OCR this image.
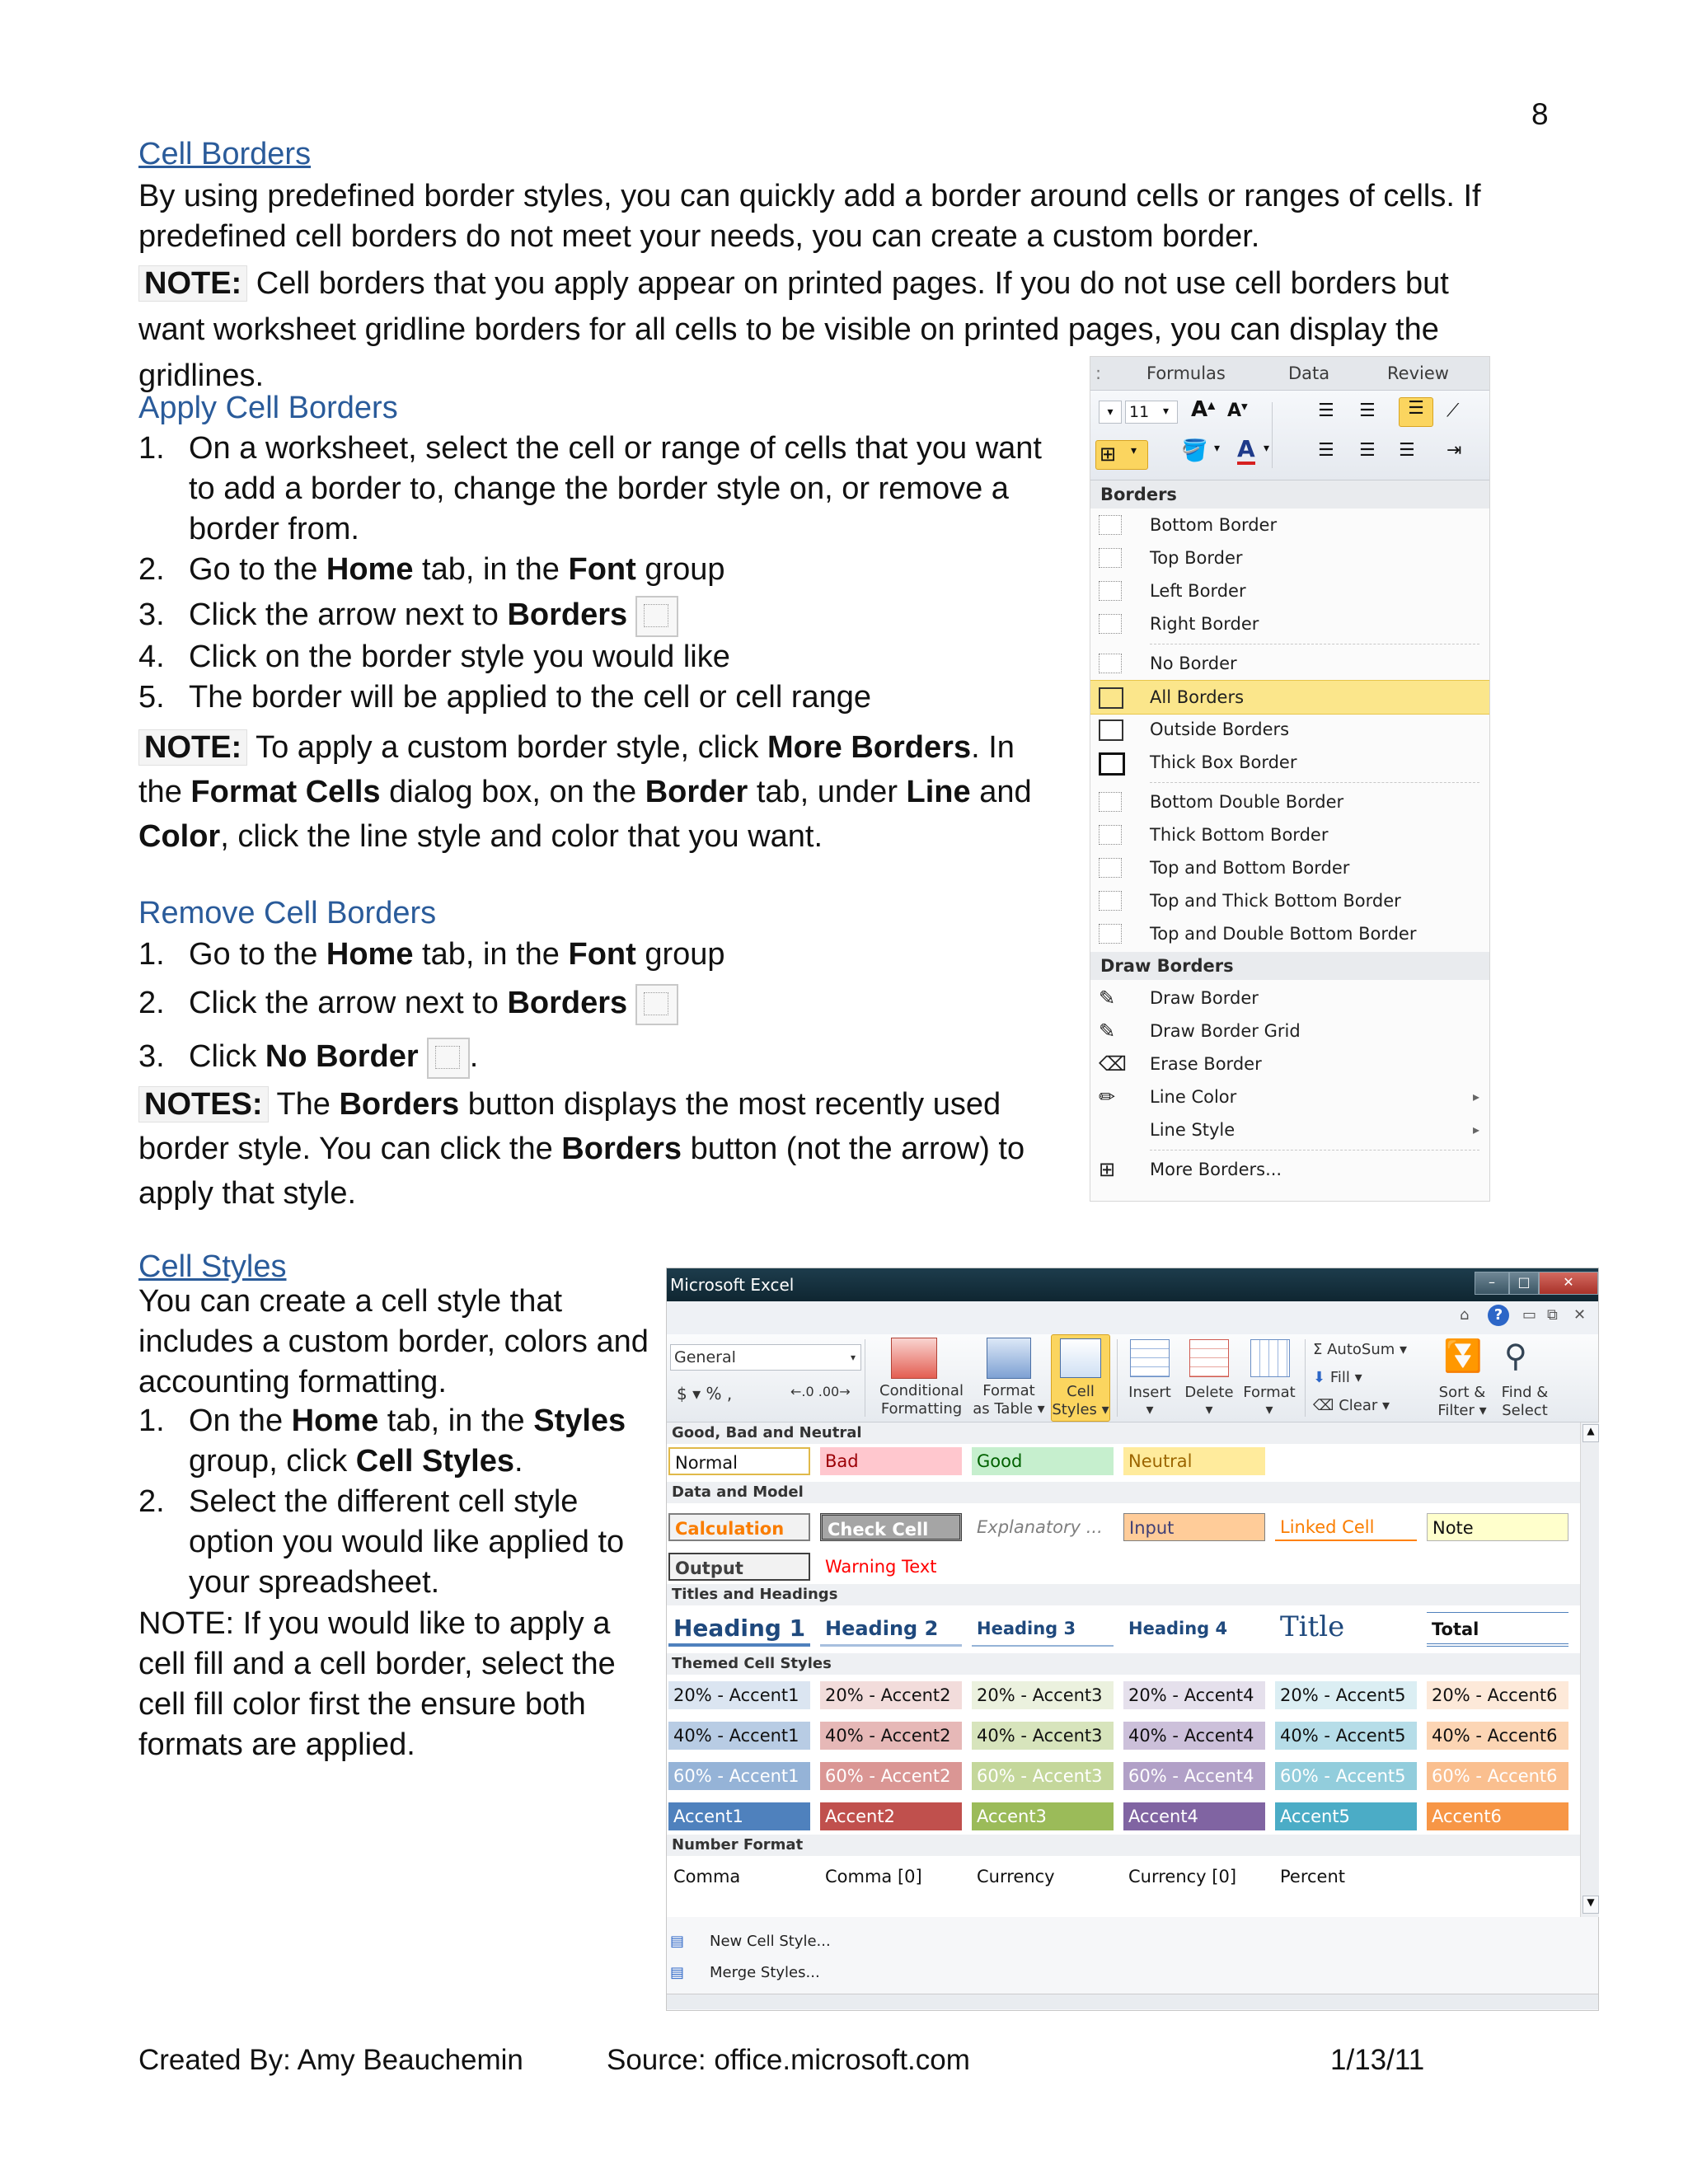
8
Cell Borders
By using predefined border styles, you can quickly add a border around cells or ranges of cells. If predefined cell borders do not meet your needs, you can create a custom border.
NOTE: Cell borders that you apply appear on printed pages. If you do not use cell borders but want worksheet gridline borders for all cells to be visible on printed pages, you can display the gridlines.
Apply Cell Borders
1. On a worksheet, select the cell or range of cells that you want to add a border to, change the border style on, or remove a border from.
2. Go to the Home tab, in the Font group
3. Click the arrow next to Borders
4. Click on the border style you would like
5. The border will be applied to the cell or cell range
NOTE: To apply a custom border style, click More Borders. In the Format Cells dialog box, on the Border tab, under Line and Color, click the line style and color that you want.
Remove Cell Borders
1. Go to the Home tab, in the Font group
2. Click the arrow next to Borders
3. Click No Border .
NOTES: The Borders button displays the most recently used border style. You can click the Borders button (not the arrow) to apply that style.
Cell Styles
You can create a cell style that includes a custom border, colors and accounting formatting.
1. On the Home tab, in the Styles group, click Cell Styles.
2. Select the different cell style option you would like applied to your spreadsheet.
NOTE: If you would like to apply a cell fill and a cell border, select the cell fill color first the ensure both formats are applied.
:	Formulas	Data	Review
▾	11	▾ A▲ A▼	☰ ☰	☰	⟋
⊞ ▾ 🪣 ▾ A ▾	☰ ☰ ☰ ⇥
Borders
Bottom Border
Top Border
Left Border
Right Border
No Border
All Borders
Outside Borders
Thick Box Border
Bottom Double Border
Thick Bottom Border
Top and Bottom Border
Top and Thick Bottom Border
Top and Double Bottom Border
Draw Borders
✎ Draw Border
✎ Draw Border Grid
⌫ Erase Border
✏ Line Color	▸
Line Style	▸
⊞ More Borders...
Microsoft Excel	–	□	✕
⌂	?	▭ ⧉ ✕
General	▾
$ ▾ % ,	←.0 .00→ Conditional
Formatting
Format
as Table ▾
Cell
Styles ▾
Insert
▾
Delete
▾
Format
▾
Σ AutoSum ▾
⬇ Fill ▾
⌫ Clear ▾
⏬
Sort &
Filter ▾
⚲
Find &
Select
Good, Bad and Neutral
Normal	Bad	Good	Neutral
Data and Model
Calculation	Check Cell	Explanatory ...	Input	Linked Cell	Note
Output	Warning Text
Titles and Headings
Heading 1 Heading 2	Heading 3	Heading 4	Title	Total
Themed Cell Styles
20% - Accent1	20% - Accent2	20% - Accent3	20% - Accent4	20% - Accent5	20% - Accent6
40% - Accent1	40% - Accent2	40% - Accent3	40% - Accent4	40% - Accent5	40% - Accent6
60% - Accent1	60% - Accent2	60% - Accent3	60% - Accent4	60% - Accent5	60% - Accent6
Accent1	Accent2	Accent3	Accent4	Accent5	Accent6
Number Format
Comma	Comma [0]	Currency	Currency [0]	Percent
▲
▼
▤ New Cell Style...
▤ Merge Styles...
Created By: Amy Beauchemin	Source: office.microsoft.com	1/13/11
